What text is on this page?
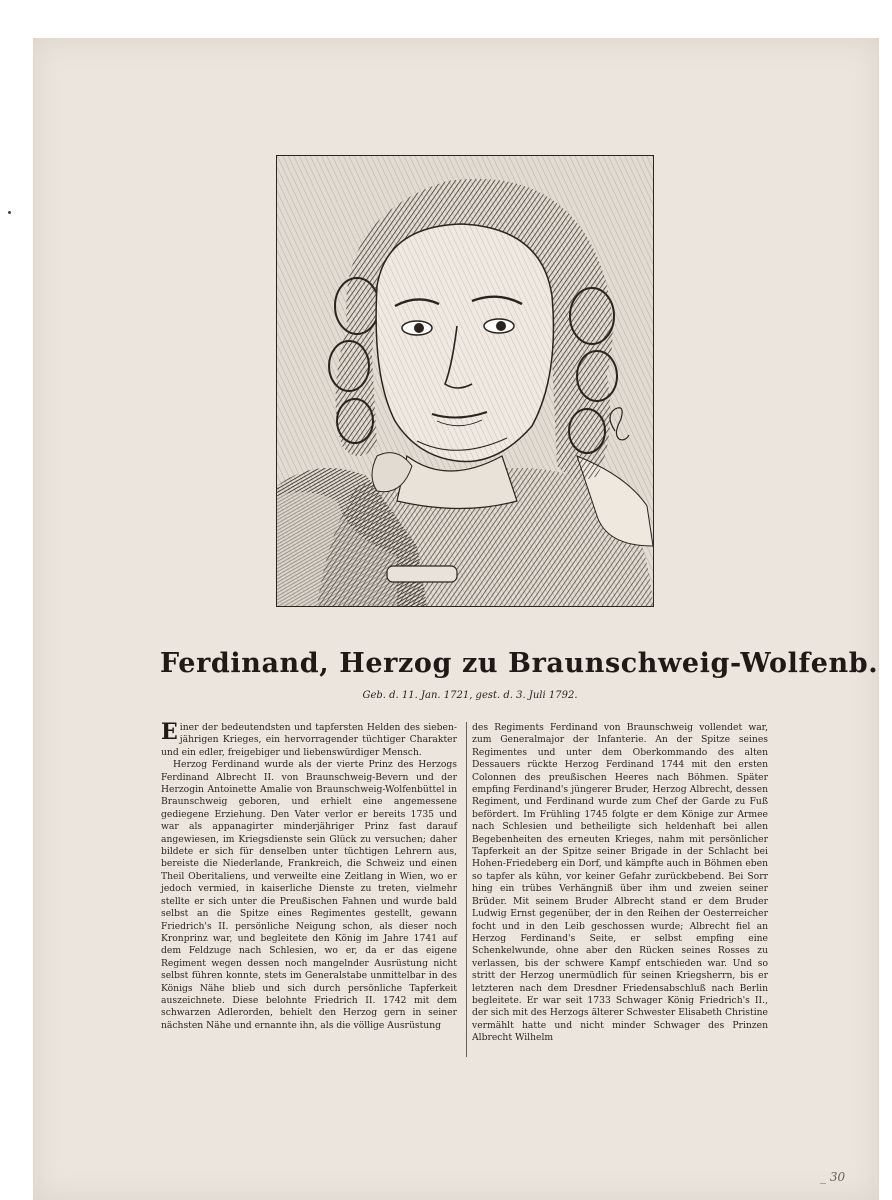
Ferdinand, Herzog zu Braunschweig-Wolfenb.
Geb. d. 11. Jan. 1721, gest. d. 3. Juli 1792.

Einer der bedeutendsten und tapfersten Helden des sieben-jährigen Krieges, ein hervorragender tüchtiger Charakter und ein edler, freigebiger und liebenswürdiger Mensch.

Herzog Ferdinand wurde als der vierte Prinz des Herzogs Ferdinand Albrecht II. von Braunschweig-Bevern und der Herzogin Antoinette Amalie von Braunschweig-Wolfenbüttel in Braunschweig geboren, und erhielt eine angemessene gediegene Erziehung. Den Vater verlor er bereits 1735 und war als appanagirter minderjähriger Prinz fast darauf angewiesen, im Kriegsdienste sein Glück zu versuchen; daher bildete er sich für denselben unter tüchtigen Lehrern aus, bereiste die Niederlande, Frankreich, die Schweiz und einen Theil Oberitaliens, und verweilte eine Zeitlang in Wien, wo er jedoch vermied, in kaiserliche Dienste zu treten, vielmehr stellte er sich unter die Preußischen Fahnen und wurde bald selbst an die Spitze eines Regimentes gestellt, gewann Friedrich's II. persönliche Neigung schon, als dieser noch Kronprinz war, und begleitete den König im Jahre 1741 auf dem Feldzuge nach Schlesien, wo er, da er das eigene Regiment wegen dessen noch mangelnder Ausrüstung nicht selbst führen konnte, stets im Generalstabe unmittelbar in des Königs Nähe blieb und sich durch persönliche Tapferkeit auszeichnete. Diese belohnte Friedrich II. 1742 mit dem schwarzen Adlerorden, behielt den Herzog gern in seiner nächsten Nähe und ernannte ihn, als die völlige Ausrüstung

des Regiments Ferdinand von Braunschweig vollendet war, zum Generalmajor der Infanterie. An der Spitze seines Regimentes und unter dem Oberkommando des alten Dessauers rückte Herzog Ferdinand 1744 mit den ersten Colonnen des preußischen Heeres nach Böhmen. Später empfing Ferdinand's jüngerer Bruder, Herzog Albrecht, dessen Regiment, und Ferdinand wurde zum Chef der Garde zu Fuß befördert. Im Frühling 1745 folgte er dem Könige zur Armee nach Schlesien und betheiligte sich heldenhaft bei allen Begebenheiten des erneuten Krieges, nahm mit persönlicher Tapferkeit an der Spitze seiner Brigade in der Schlacht bei Hohen-Friedeberg ein Dorf, und kämpfte auch in Böhmen eben so tapfer als kühn, vor keiner Gefahr zurückbebend. Bei Sorr hing ein trübes Verhängniß über ihm und zweien seiner Brüder. Mit seinem Bruder Albrecht stand er dem Bruder Ludwig Ernst gegenüber, der in den Reihen der Oesterreicher focht und in den Leib geschossen wurde; Albrecht fiel an Herzog Ferdinand's Seite, er selbst empfing eine Schenkelwunde, ohne aber den Rücken seines Rosses zu verlassen, bis der schwere Kampf entschieden war. Und so stritt der Herzog unermüdlich für seinen Kriegsherrn, bis er letzteren nach dem Dresdner Friedensabschluß nach Berlin begleitete. Er war seit 1733 Schwager König Friedrich's II., der sich mit des Herzogs älterer Schwester Elisabeth Christine vermählt hatte und nicht minder Schwager des Prinzen Albrecht Wilhelm

_ 30
